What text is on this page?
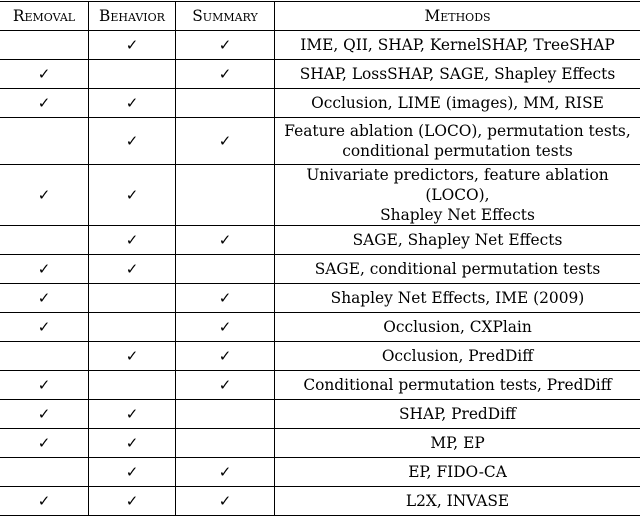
Removal	Behavior	Summary	Methods
	✓	✓	IME, QII, SHAP, KernelSHAP, TreeSHAP

✓		✓	SHAP, LossSHAP, SAGE, Shapley Effects

✓	✓		Occlusion, LIME (images), MM, RISE

	✓	✓	Feature ablation (LOCO), permutation tests,
conditional permutation tests

✓	✓		Univariate predictors, feature ablation (LOCO),
Shapley Net Effects

	✓	✓	SAGE, Shapley Net Effects

✓	✓		SAGE, conditional permutation tests

✓		✓	Shapley Net Effects, IME (2009)

✓		✓	Occlusion, CXPlain

	✓	✓	Occlusion, PredDiff

✓		✓	Conditional permutation tests, PredDiff

✓	✓		SHAP, PredDiff

✓	✓		MP, EP

	✓	✓	EP, FIDO-CA

✓	✓	✓	L2X, INVASE
